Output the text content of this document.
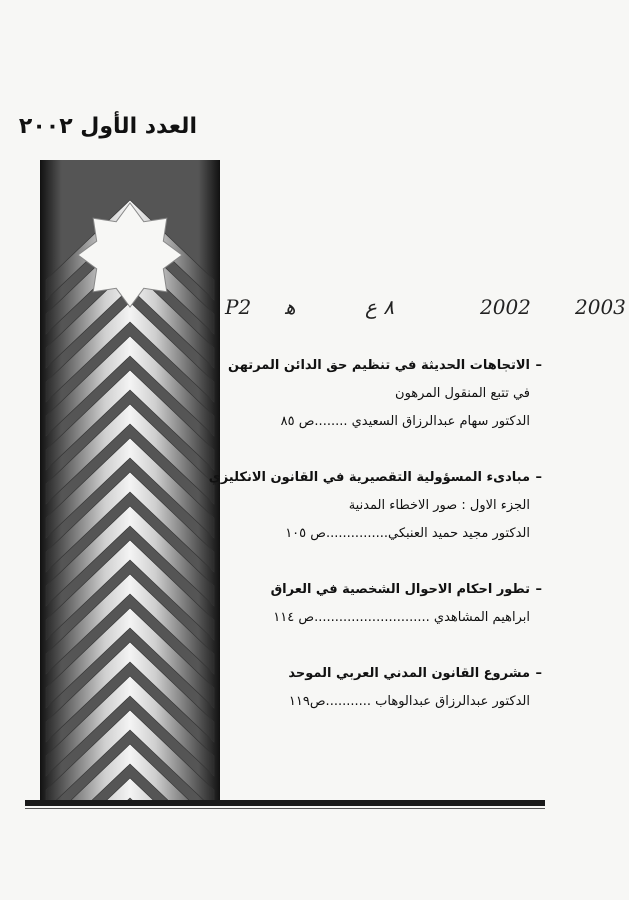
العدد الأول ٢٠٠٢
P2 ﻫ	٨ ع	2002 2003
–الاتجاهات الحديثة في تنظيم حق الدائن المرتهن
في تتبع المنقول المرهون
الدكتور سهام عبدالرزاق السعيدي ........ص ٨٥
–مبادىء المسؤولية التقصيرية في القانون الانكليزي
الجزء الاول : صور الاخطاء المدنية
الدكتور مجيد حميد العنبكي...............ص ١٠٥
–تطور احكام الاحوال الشخصية في العراق
ابراهيم المشاهدي ............................ص ١١٤
–مشروع القانون المدني العربي الموحد
الدكتور عبدالرزاق عبدالوهاب ...........ص١١٩
